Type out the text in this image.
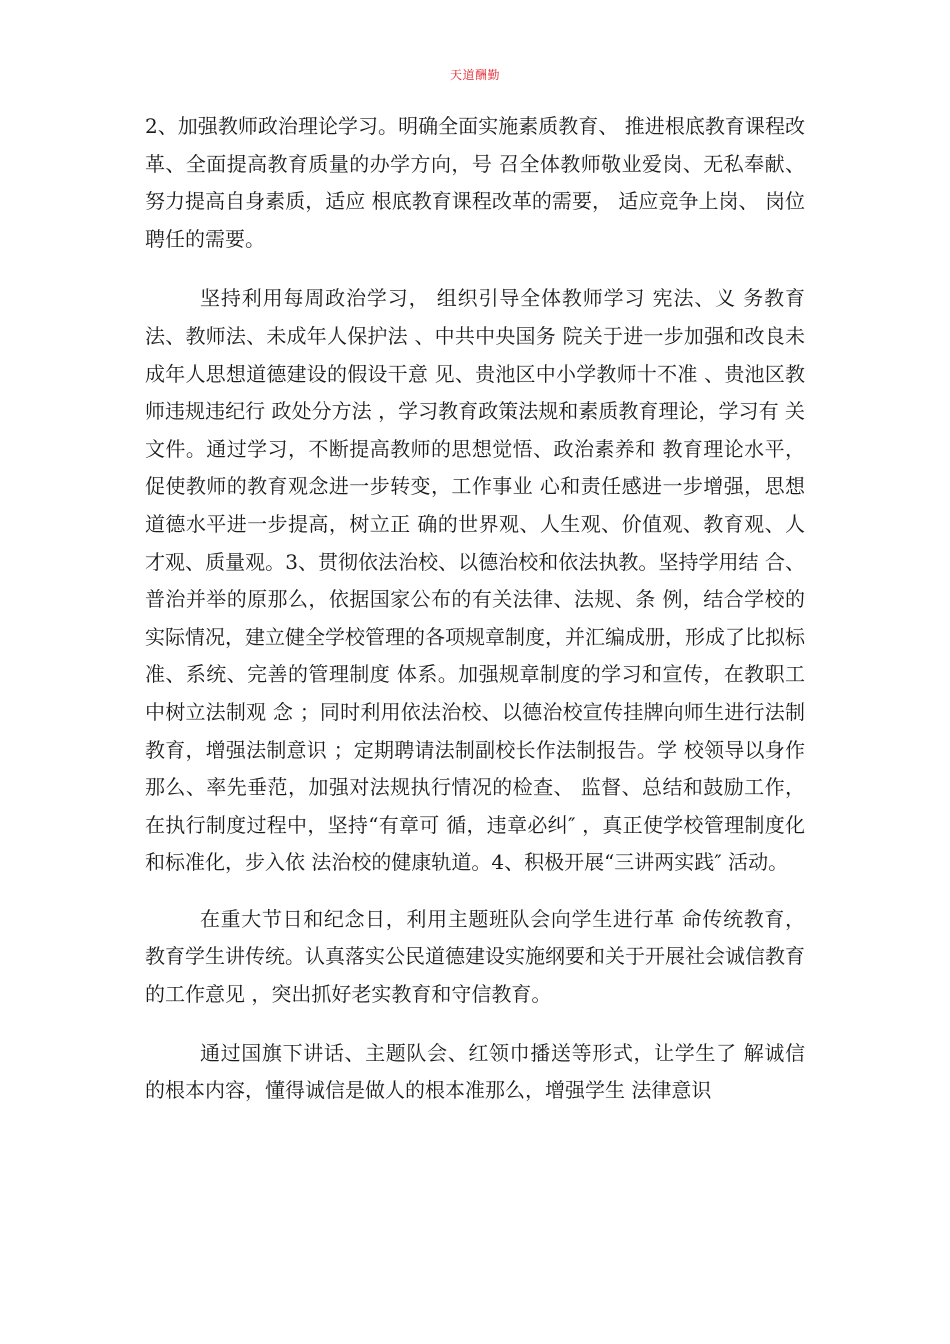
天道酬勤

2、加强教师政治理论学习。明确全面实施素质教育、 推进根底教育课程改革、全面提高教育质量的办学方向，号 召全体教师敬业爱岗、无私奉献、努力提高自身素质，适应 根底教育课程改革的需要， 适应竞争上岗、 岗位聘任的需要。

坚持利用每周政治学习， 组织引导全体教师学习 宪法、义 务教育法、教师法、未成年人保护法 、中共中央国务 院关于进一步加强和改良未成年人思想道德建设的假设干意 见、贵池区中小学教师十不准 、贵池区教师违规违纪行 政处分方法 ，学习教育政策法规和素质教育理论，学习有 关文件。通过学习，不断提高教师的思想觉悟、政治素养和 教育理论水平，促使教师的教育观念进一步转变，工作事业 心和责任感进一步增强，思想道德水平进一步提高，树立正 确的世界观、人生观、价值观、教育观、人才观、质量观。3、贯彻依法治校、以德治校和依法执教。坚持学用结 合、普治并举的原那么，依据国家公布的有关法律、法规、条 例，结合学校的实际情况，建立健全学校管理的各项规章制度，并汇编成册，形成了比拟标准、系统、完善的管理制度 体系。加强规章制度的学习和宣传，在教职工中树立法制观 念 ；同时利用依法治校、以德治校宣传挂牌向师生进行法制 教育，增强法制意识 ；定期聘请法制副校长作法制报告。学 校领导以身作那么、率先垂范，加强对法规执行情况的检查、 监督、总结和鼓励工作，在执行制度过程中，坚持“有章可 循，违章必纠″ ，真正使学校管理制度化和标准化，步入依 法治校的健康轨道。4、积极开展“三讲两实践″ 活动。

在重大节日和纪念日，利用主题班队会向学生进行革 命传统教育，教育学生讲传统。认真落实公民道德建设实施纲要和关于开展社会诚信教育的工作意见 ，突出抓好老实教育和守信教育。

通过国旗下讲话、主题队会、红领巾播送等形式，让学生了 解诚信的根本内容，懂得诚信是做人的根本准那么，增强学生 法律意识
